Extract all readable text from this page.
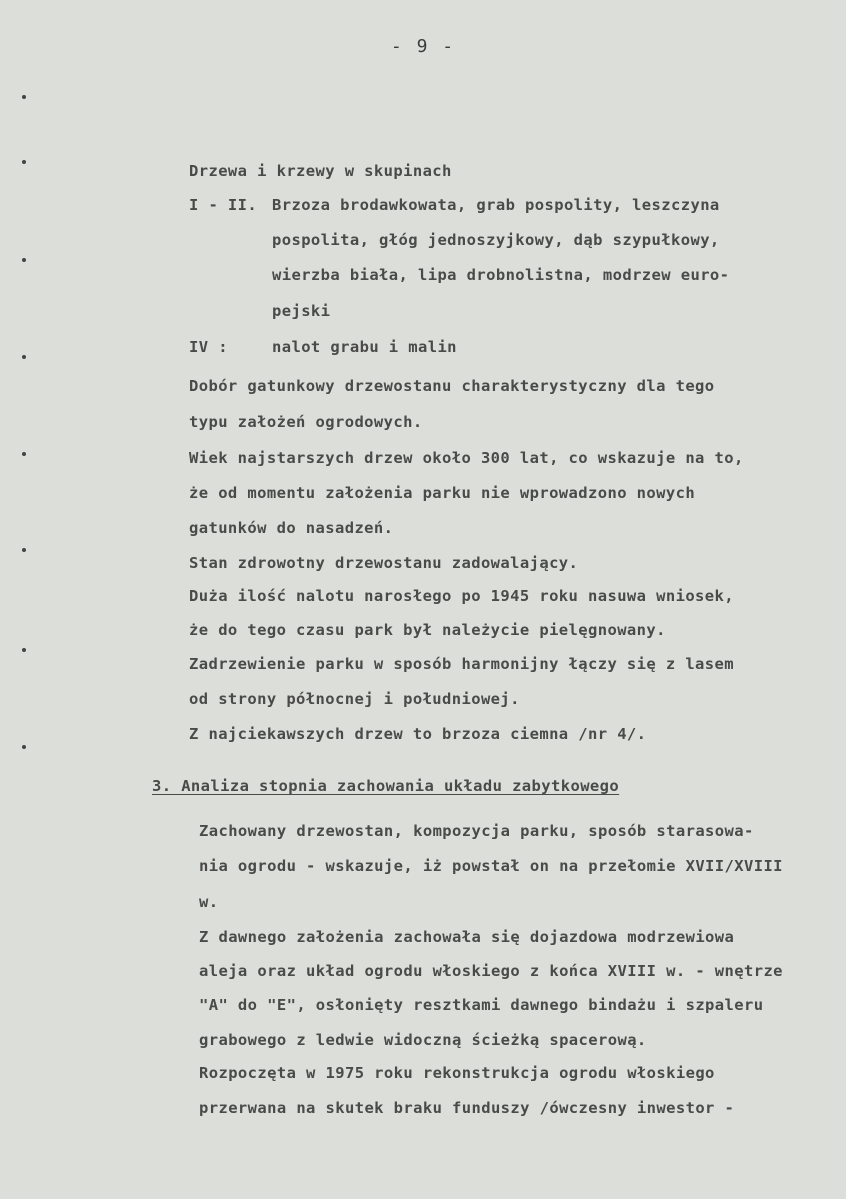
- 9 -
Drzewa i krzewy w skupinach
I - II. Brzoza brodawkowata, grab pospolity, leszczyna
pospolita, głóg jednoszyjkowy, dąb szypułkowy,
wierzba biała, lipa drobnolistna, modrzew euro-
pejski
IV :	nalot grabu i malin
Dobór gatunkowy drzewostanu charakterystyczny dla tego
typu założeń ogrodowych.
Wiek najstarszych drzew około 300 lat, co wskazuje na to,
że od momentu założenia parku nie wprowadzono nowych
gatunków do nasadzeń.
Stan zdrowotny drzewostanu zadowalający.
Duża ilość nalotu narosłego po 1945 roku nasuwa wniosek,
że do tego czasu park był należycie pielęgnowany.
Zadrzewienie parku w sposób harmonijny łączy się z lasem
od strony północnej i południowej.
Z najciekawszych drzew to brzoza ciemna /nr 4/.
3. Analiza stopnia zachowania układu zabytkowego
Zachowany drzewostan, kompozycja parku, sposób starasowa-
nia ogrodu - wskazuje, iż powstał on na przełomie XVII/XVIII
w.
Z dawnego założenia zachowała się dojazdowa modrzewiowa
aleja oraz układ ogrodu włoskiego z końca XVIII w. - wnętrze
"A" do "E", osłonięty resztkami dawnego bindażu i szpaleru
grabowego z ledwie widoczną ścieżką spacerową.
Rozpoczęta w 1975 roku rekonstrukcja ogrodu włoskiego
przerwana na skutek braku funduszy /ówczesny inwestor -
